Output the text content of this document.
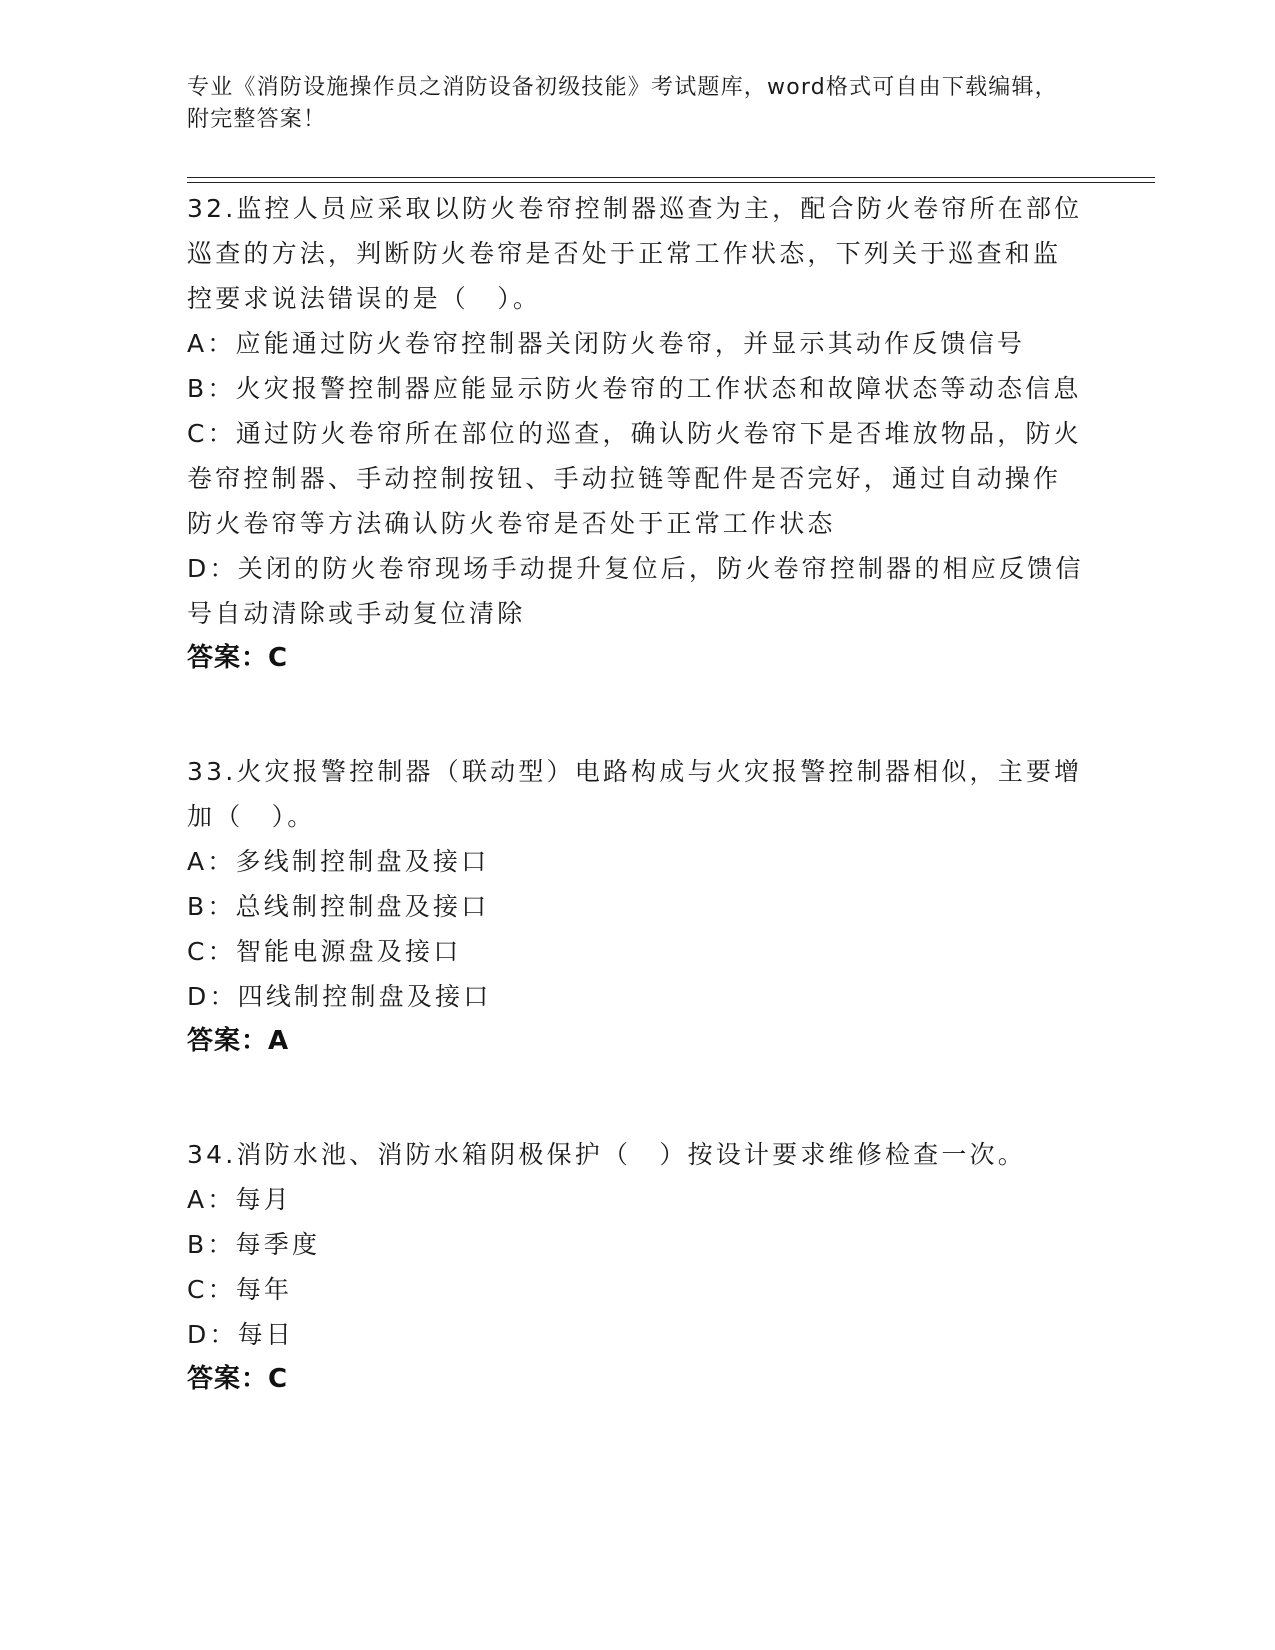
专业《消防设施操作员之消防设备初级技能》考试题库，word格式可自由下载编辑，附完整答案！
32.监控人员应采取以防火卷帘控制器巡查为主，配合防火卷帘所在部位巡查的方法，判断防火卷帘是否处于正常工作状态，下列关于巡查和监控要求说法错误的是（　）。
A：应能通过防火卷帘控制器关闭防火卷帘，并显示其动作反馈信号
B：火灾报警控制器应能显示防火卷帘的工作状态和故障状态等动态信息
C：通过防火卷帘所在部位的巡查，确认防火卷帘下是否堆放物品，防火卷帘控制器、手动控制按钮、手动拉链等配件是否完好，通过自动操作防火卷帘等方法确认防火卷帘是否处于正常工作状态
D：关闭的防火卷帘现场手动提升复位后，防火卷帘控制器的相应反馈信号自动清除或手动复位清除
答案：C
33.火灾报警控制器（联动型）电路构成与火灾报警控制器相似，主要增加（　）。
A：多线制控制盘及接口
B：总线制控制盘及接口
C：智能电源盘及接口
D：四线制控制盘及接口
答案：A
34.消防水池、消防水箱阴极保护（　）按设计要求维修检查一次。
A：每月
B：每季度
C：每年
D：每日
答案：C
